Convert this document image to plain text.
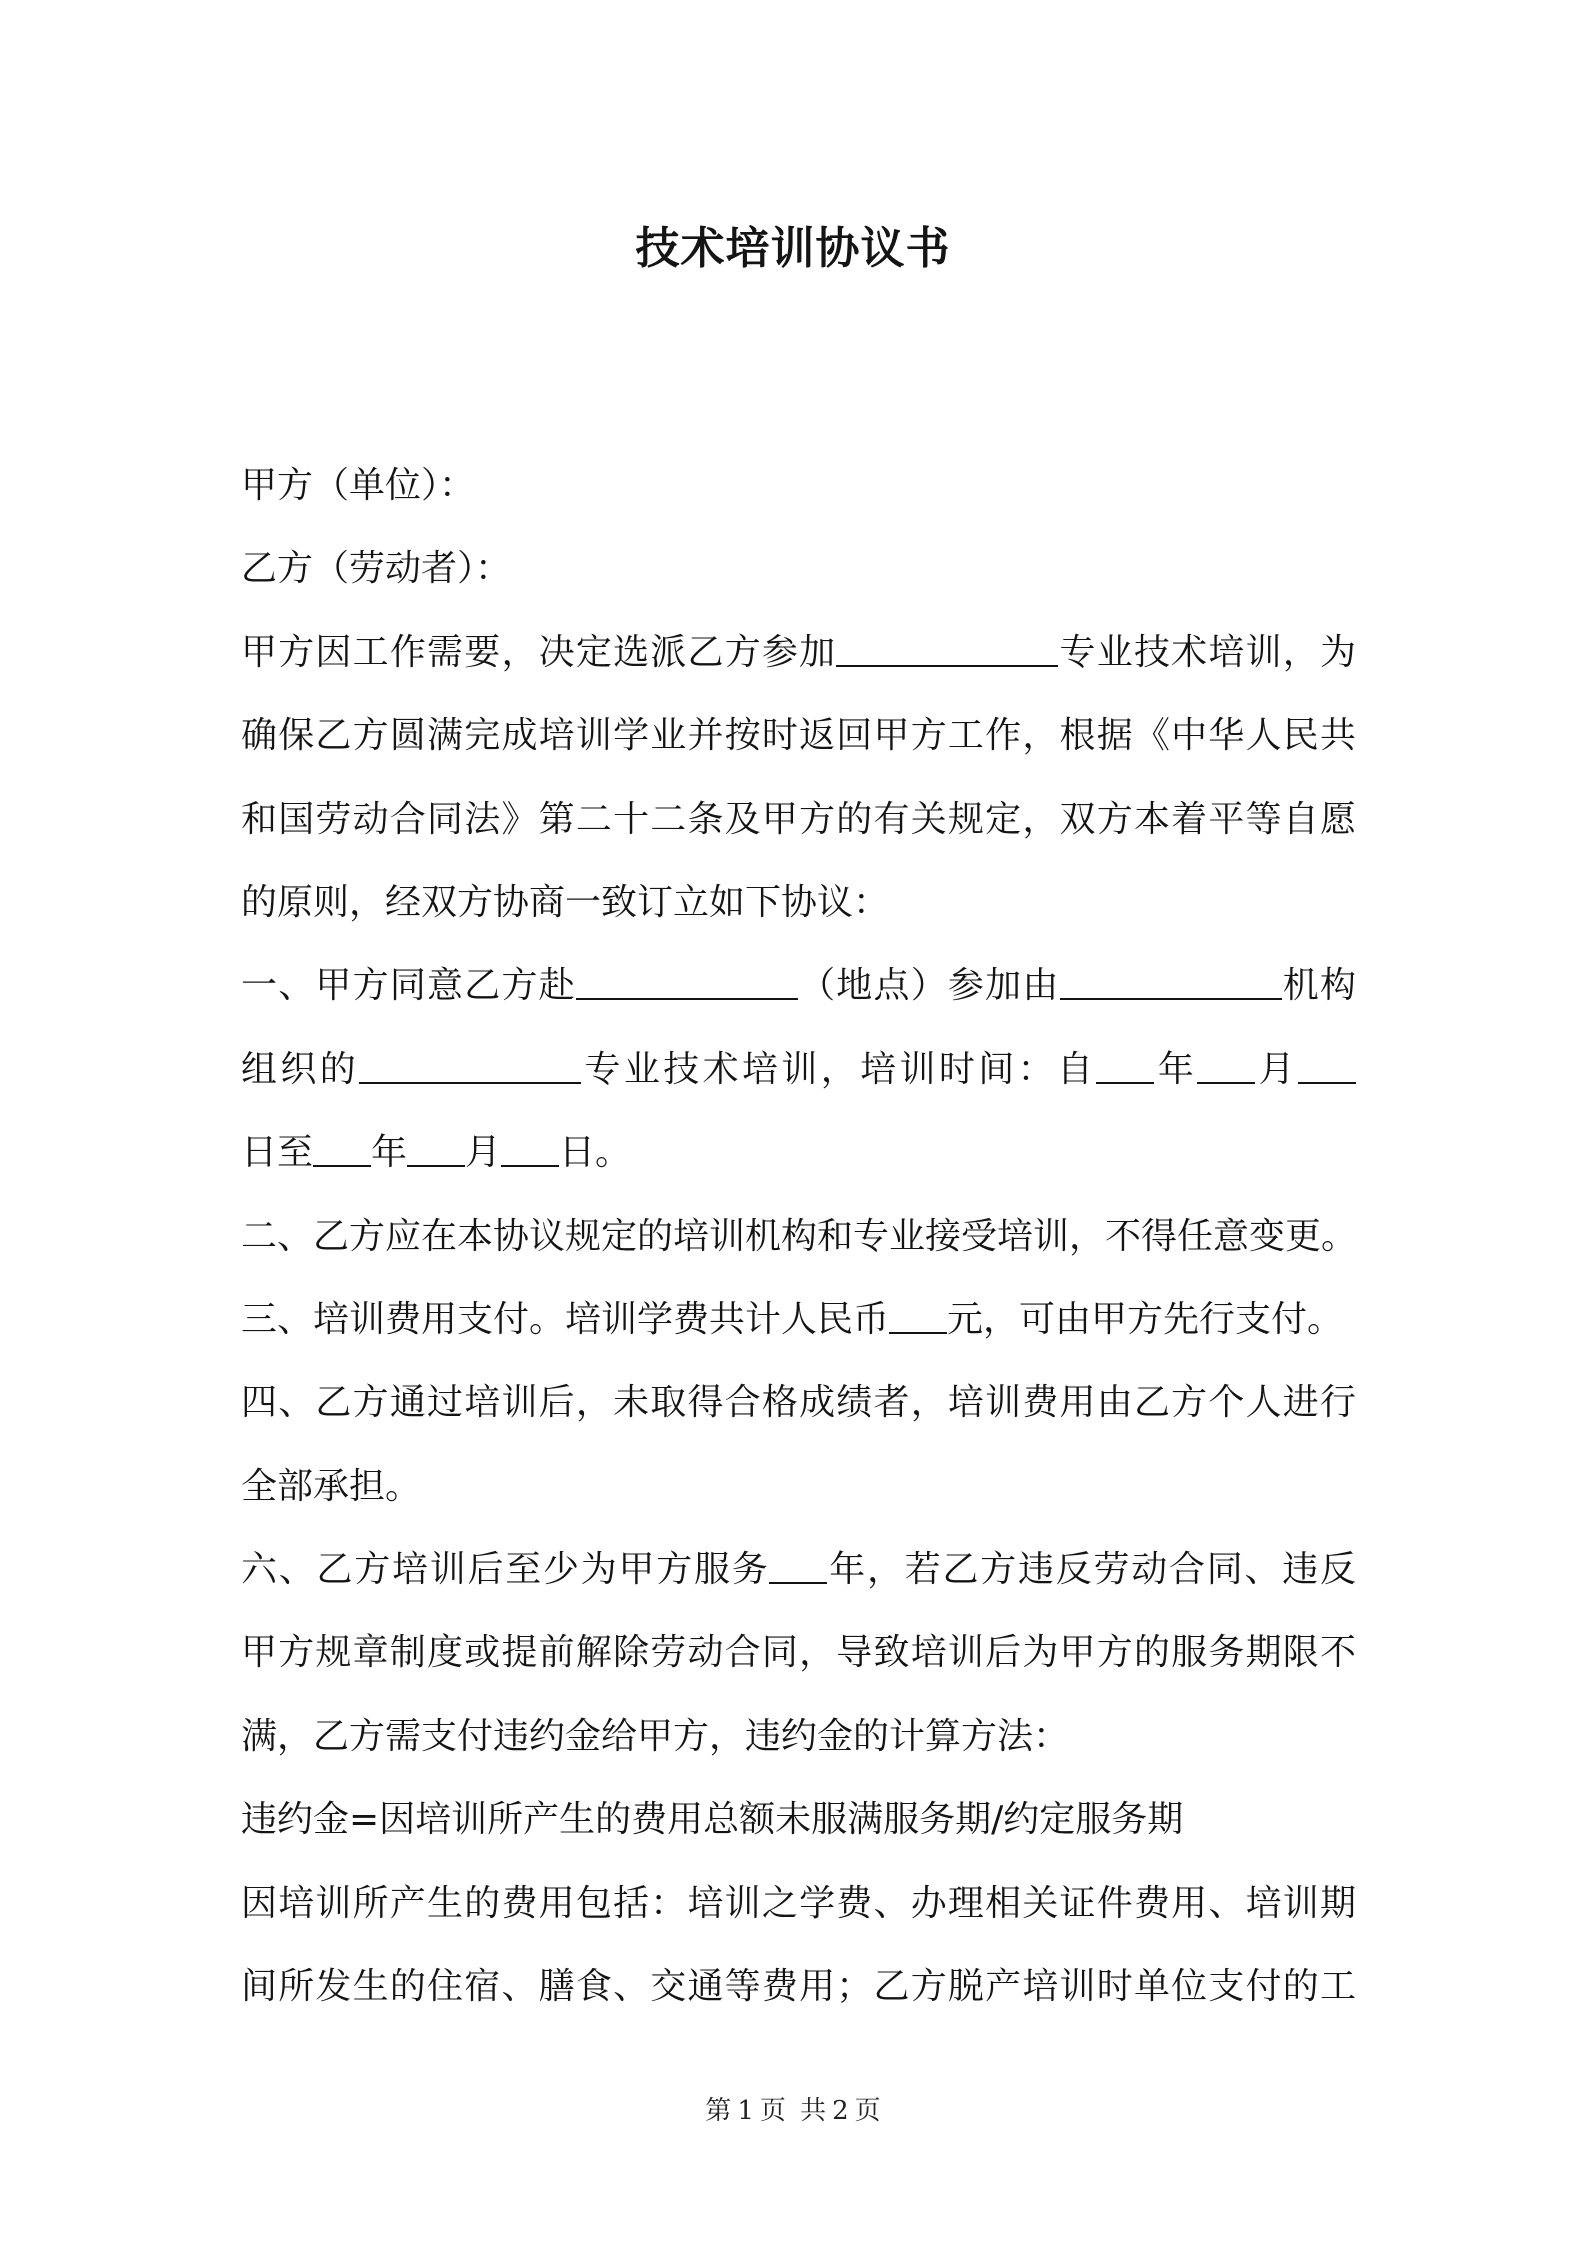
技术培训协议书
甲方（单位）：
乙方（劳动者）：
甲方因工作需要，决定选派乙方参加	专业技术培训，为
确保乙方圆满完成培训学业并按时返回甲方工作，根据《中华人民共
和国劳动合同法》第二十二条及甲方的有关规定，双方本着平等自愿
的原则，经双方协商一致订立如下协议：
一、甲方同意乙方赴	（地点）参加由	机构
组织的	专业技术培训，培训时间：自 年 月
日至 年 月 日。
二、乙方应在本协议规定的培训机构和专业接受培训，不得任意变更。
三、培训费用支付。培训学费共计人民币 元，可由甲方先行支付。
四、乙方通过培训后，未取得合格成绩者，培训费用由乙方个人进行
全部承担。
六、乙方培训后至少为甲方服务 年，若乙方违反劳动合同、违反
甲方规章制度或提前解除劳动合同，导致培训后为甲方的服务期限不
满，乙方需支付违约金给甲方，违约金的计算方法：
违约金=因培训所产生的费用总额未服满服务期/约定服务期
因培训所产生的费用包括：培训之学费、办理相关证件费用、培训期
间所发生的住宿、膳食、交通等费用；乙方脱产培训时单位支付的工
第 1 页 共 2 页
